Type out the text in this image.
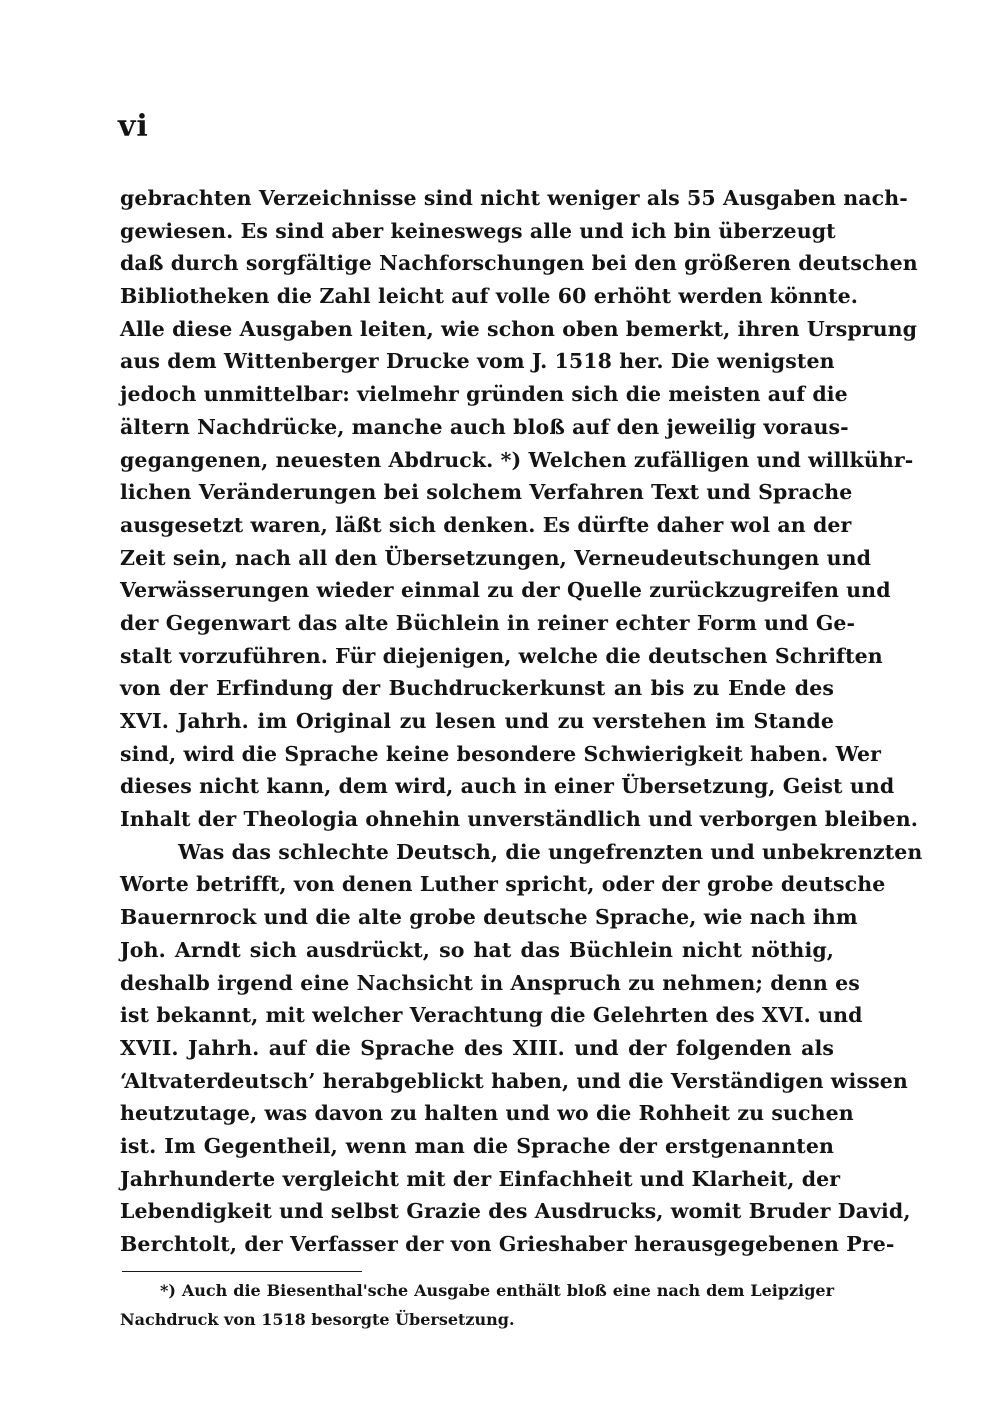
vi
gebrachten Verzeichnisse sind nicht weniger als 55 Ausgaben nach-
gewiesen. Es sind aber keineswegs alle und ich bin überzeugt
daß durch sorgfältige Nachforschungen bei den größeren deutschen
Bibliotheken die Zahl leicht auf volle 60 erhöht werden könnte.
Alle diese Ausgaben leiten, wie schon oben bemerkt, ihren Ursprung
aus dem Wittenberger Drucke vom J. 1518 her. Die wenigsten
jedoch unmittelbar: vielmehr gründen sich die meisten auf die
ältern Nachdrücke, manche auch bloß auf den jeweilig voraus-
gegangenen, neuesten Abdruck. *) Welchen zufälligen und willkühr-
lichen Veränderungen bei solchem Verfahren Text und Sprache
ausgesetzt waren, läßt sich denken. Es dürfte daher wol an der
Zeit sein, nach all den Übersetzungen, Verneudeutschungen und
Verwässerungen wieder einmal zu der Quelle zurückzugreifen und
der Gegenwart das alte Büchlein in reiner echter Form und Ge-
stalt vorzuführen. Für diejenigen, welche die deutschen Schriften
von der Erfindung der Buchdruckerkunst an bis zu Ende des
XVI. Jahrh. im Original zu lesen und zu verstehen im Stande
sind, wird die Sprache keine besondere Schwierigkeit haben. Wer
dieses nicht kann, dem wird, auch in einer Übersetzung, Geist und
Inhalt der Theologia ohnehin unverständlich und verborgen bleiben.
Was das schlechte Deutsch, die ungefrenzten und unbekrenzten
Worte betrifft, von denen Luther spricht, oder der grobe deutsche
Bauernrock und die alte grobe deutsche Sprache, wie nach ihm
Joh. Arndt sich ausdrückt, so hat das Büchlein nicht nöthig,
deshalb irgend eine Nachsicht in Anspruch zu nehmen; denn es
ist bekannt, mit welcher Verachtung die Gelehrten des XVI. und
XVII. Jahrh. auf die Sprache des XIII. und der folgenden als
‘Altvaterdeutsch’ herabgeblickt haben, und die Verständigen wissen
heutzutage, was davon zu halten und wo die Rohheit zu suchen
ist. Im Gegentheil, wenn man die Sprache der erstgenannten
Jahrhunderte vergleicht mit der Einfachheit und Klarheit, der
Lebendigkeit und selbst Grazie des Ausdrucks, womit Bruder David,
Berchtolt, der Verfasser der von Grieshaber herausgegebenen Pre-
*) Auch die Biesenthal'sche Ausgabe enthält bloß eine nach dem Leipziger
Nachdruck von 1518 besorgte Übersetzung.
